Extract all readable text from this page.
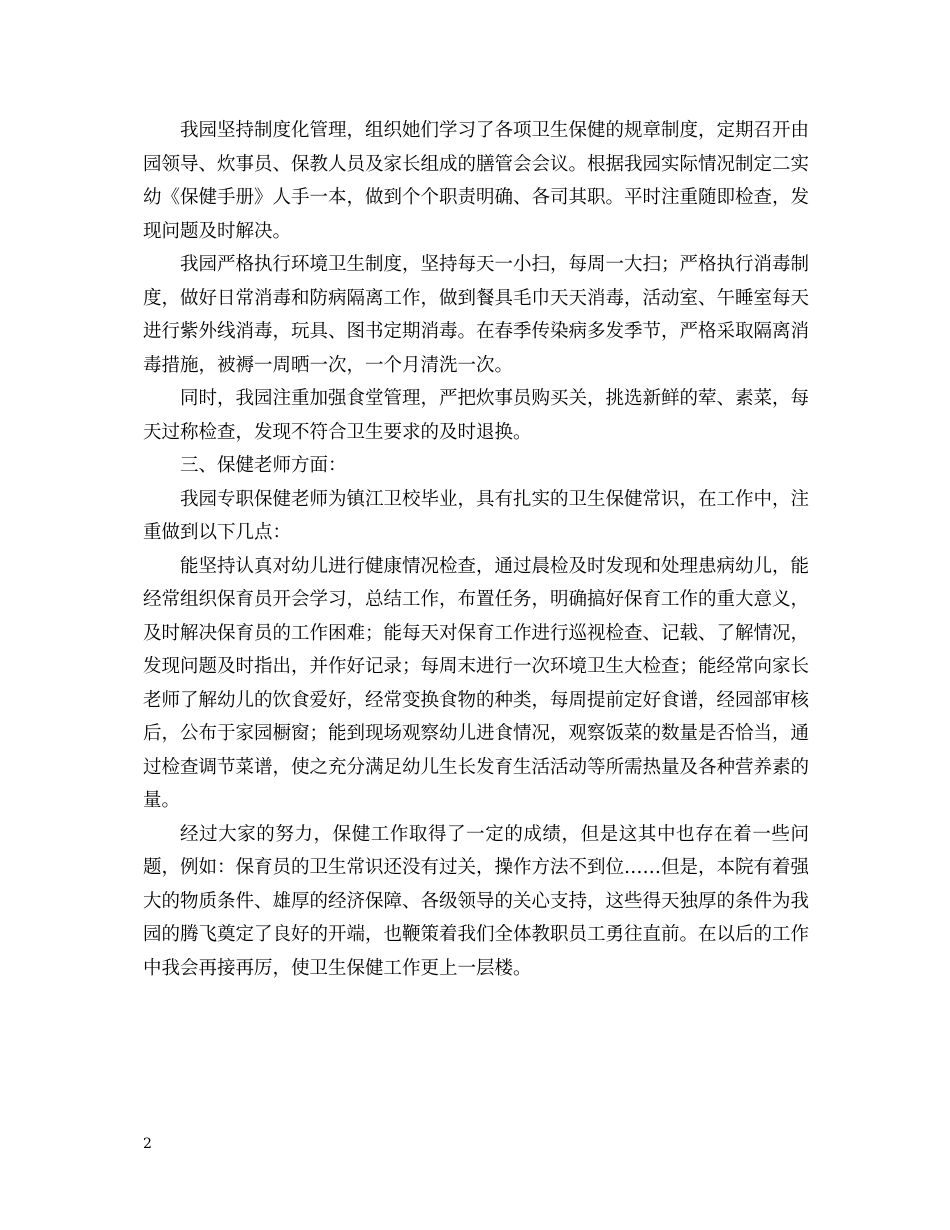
我园坚持制度化管理，组织她们学习了各项卫生保健的规章制度，定期召开由园领导、炊事员、保教人员及家长组成的膳管会会议。根据我园实际情况制定二实幼《保健手册》人手一本，做到个个职责明确、各司其职。平时注重随即检查，发现问题及时解决。

我园严格执行环境卫生制度，坚持每天一小扫，每周一大扫；严格执行消毒制度，做好日常消毒和防病隔离工作，做到餐具毛巾天天消毒，活动室、午睡室每天进行紫外线消毒，玩具、图书定期消毒。在春季传染病多发季节，严格采取隔离消毒措施，被褥一周晒一次，一个月清洗一次。

同时，我园注重加强食堂管理，严把炊事员购买关，挑选新鲜的荤、素菜，每天过称检查，发现不符合卫生要求的及时退换。

三、保健老师方面：

我园专职保健老师为镇江卫校毕业，具有扎实的卫生保健常识，在工作中，注重做到以下几点：

能坚持认真对幼儿进行健康情况检查，通过晨检及时发现和处理患病幼儿，能经常组织保育员开会学习，总结工作，布置任务，明确搞好保育工作的重大意义，及时解决保育员的工作困难；能每天对保育工作进行巡视检查、记载、了解情况，发现问题及时指出，并作好记录；每周末进行一次环境卫生大检查；能经常向家长老师了解幼儿的饮食爱好，经常变换食物的种类，每周提前定好食谱，经园部审核后，公布于家园橱窗；能到现场观察幼儿进食情况，观察饭菜的数量是否恰当，通过检查调节菜谱，使之充分满足幼儿生长发育生活活动等所需热量及各种营养素的量。

经过大家的努力，保健工作取得了一定的成绩，但是这其中也存在着一些问题，例如：保育员的卫生常识还没有过关，操作方法不到位……但是，本院有着强大的物质条件、雄厚的经济保障、各级领导的关心支持，这些得天独厚的条件为我园的腾飞奠定了良好的开端，也鞭策着我们全体教职员工勇往直前。在以后的工作中我会再接再厉，使卫生保健工作更上一层楼。

2
